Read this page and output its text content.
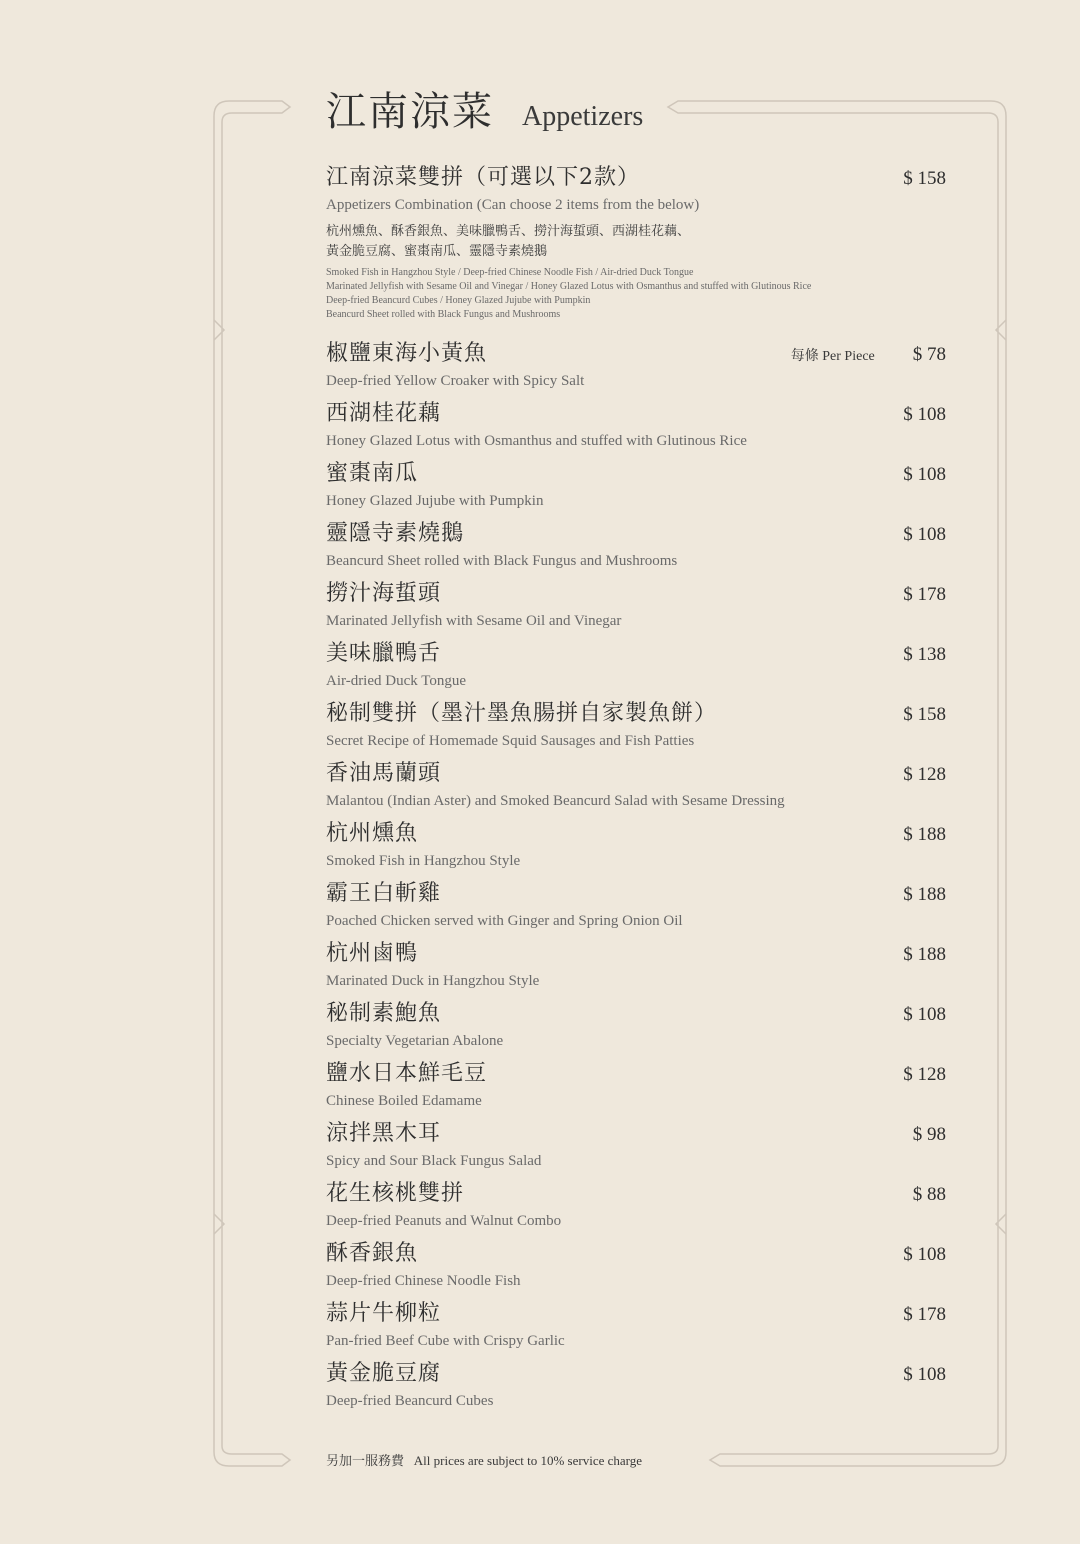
江南涼菜 Appetizers
江南涼菜雙拼（可選以下2款）	$ 158
Appetizers Combination (Can choose 2 items from the below)
杭州燻魚、酥香銀魚、美味臘鴨舌、撈汁海蜇頭、西湖桂花藕、
黃金脆豆腐、蜜棗南瓜、靈隱寺素燒鵝
Smoked Fish in Hangzhou Style / Deep-fried Chinese Noodle Fish / Air-dried Duck Tongue
Marinated Jellyfish with Sesame Oil and Vinegar / Honey Glazed Lotus with Osmanthus and stuffed with Glutinous Rice
Deep-fried Beancurd Cubes / Honey Glazed Jujube with Pumpkin
Beancurd Sheet rolled with Black Fungus and Mushrooms
椒鹽東海小黃魚	每條 Per Piece $ 78
Deep-fried Yellow Croaker with Spicy Salt
西湖桂花藕	$ 108
Honey Glazed Lotus with Osmanthus and stuffed with Glutinous Rice
蜜棗南瓜	$ 108
Honey Glazed Jujube with Pumpkin
靈隱寺素燒鵝	$ 108
Beancurd Sheet rolled with Black Fungus and Mushrooms
撈汁海蜇頭	$ 178
Marinated Jellyfish with Sesame Oil and Vinegar
美味臘鴨舌	$ 138
Air-dried Duck Tongue
秘制雙拼（墨汁墨魚腸拼自家製魚餅）	$ 158
Secret Recipe of Homemade Squid Sausages and Fish Patties
香油馬蘭頭	$ 128
Malantou (Indian Aster) and Smoked Beancurd Salad with Sesame Dressing
杭州燻魚	$ 188
Smoked Fish in Hangzhou Style
霸王白斬雞	$ 188
Poached Chicken served with Ginger and Spring Onion Oil
杭州鹵鴨	$ 188
Marinated Duck in Hangzhou Style
秘制素鮑魚	$ 108
Specialty Vegetarian Abalone
鹽水日本鮮毛豆	$ 128
Chinese Boiled Edamame
涼拌黑木耳	$ 98
Spicy and Sour Black Fungus Salad
花生核桃雙拼	$ 88
Deep-fried Peanuts and Walnut Combo
酥香銀魚	$ 108
Deep-fried Chinese Noodle Fish
蒜片牛柳粒	$ 178
Pan-fried Beef Cube with Crispy Garlic
黃金脆豆腐	$ 108
Deep-fried Beancurd Cubes
另加一服務費 All prices are subject to 10% service charge
